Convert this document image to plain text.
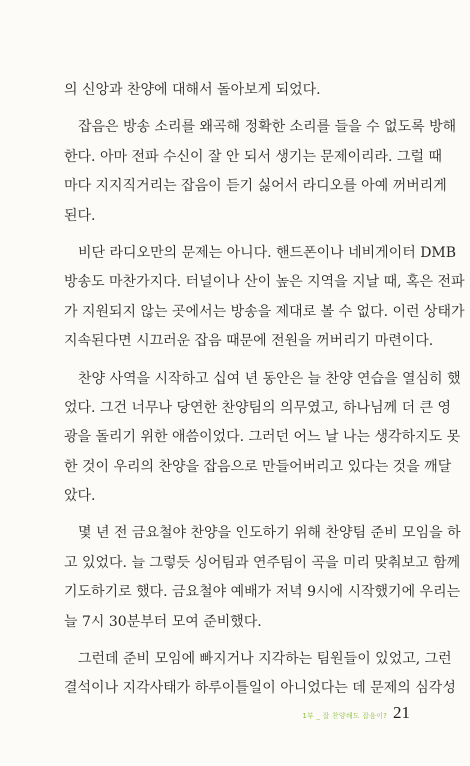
의 신앙과 찬양에 대해서 돌아보게 되었다.
잡음은 방송 소리를 왜곡해 정확한 소리를 들을 수 없도록 방해
한다. 아마 전파 수신이 잘 안 되서 생기는 문제이리라. 그럴 때
마다 지지직거리는 잡음이 듣기 싫어서 라디오를 아예 꺼버리게
된다.
비단 라디오만의 문제는 아니다. 핸드폰이나 네비게이터 DMB
방송도 마찬가지다. 터널이나 산이 높은 지역을 지날 때, 혹은 전파
가 지원되지 않는 곳에서는 방송을 제대로 볼 수 없다. 이런 상태가
지속된다면 시끄러운 잡음 때문에 전원을 꺼버리기 마련이다.
찬양 사역을 시작하고 십여 년 동안은 늘 찬양 연습을 열심히 했
었다. 그건 너무나 당연한 찬양팀의 의무였고, 하나님께 더 큰 영
광을 돌리기 위한 애씀이었다. 그러던 어느 날 나는 생각하지도 못
한 것이 우리의 찬양을 잡음으로 만들어버리고 있다는 것을 깨달
았다.
몇 년 전 금요철야 찬양을 인도하기 위해 찬양팀 준비 모임을 하
고 있었다. 늘 그렇듯 싱어팀과 연주팀이 곡을 미리 맞춰보고 함께
기도하기로 했다. 금요철야 예배가 저녁 9시에 시작했기에 우리는
늘 7시 30분부터 모여 준비했다.
그런데 준비 모임에 빠지거나 지각하는 팀원들이 있었고, 그런
결석이나 지각사태가 하루이틀일이 아니었다는 데 문제의 심각성
1부 _ 잘 찬양해도 잡음이? 21
